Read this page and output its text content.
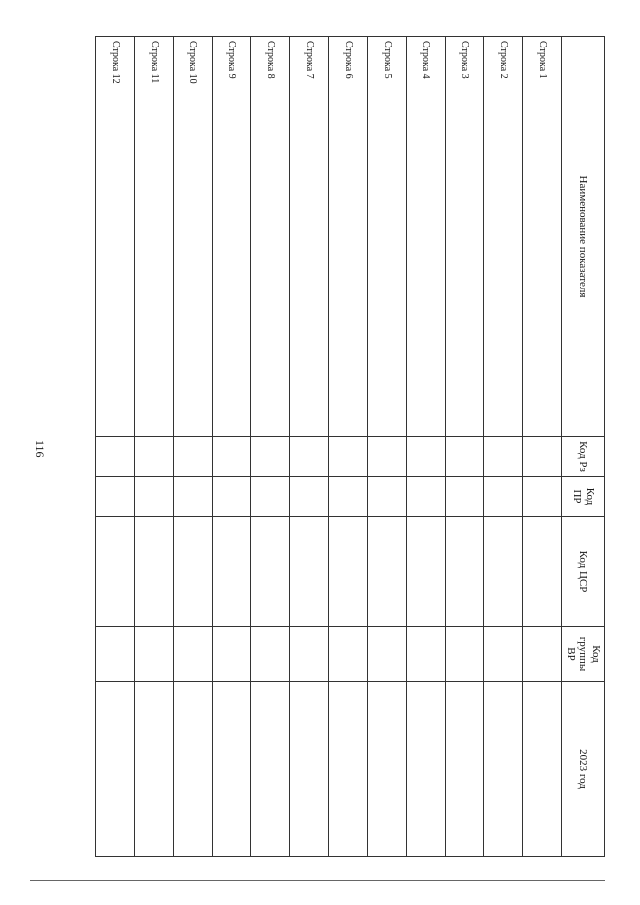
116
Наименование показателя	Код Рз	Код ПР	Код ЦСР	Код группы ВР	2023 год
Строка 1					
Строка 2					
Строка 3					
Строка 4					
Строка 5					
Строка 6					
Строка 7					
Строка 8					
Строка 9					
Строка 10					
Строка 11					
Строка 12					
